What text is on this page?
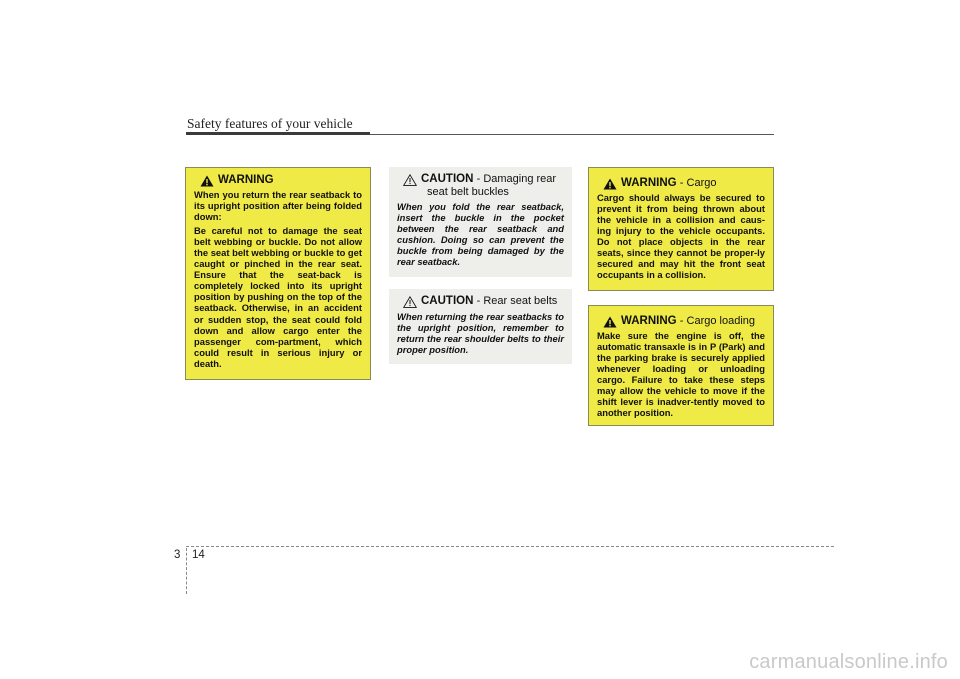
Safety features of your vehicle
WARNING

When you return the rear seatback to its upright position after being folded down:

Be careful not to damage the seat belt webbing or buckle. Do not allow the seat belt webbing or buckle to get caught or pinched in the rear seat. Ensure that the seat-back is completely locked into its upright position by pushing on the top of the seatback. Otherwise, in an accident or sudden stop, the seat could fold down and allow cargo enter the passenger com-partment, which could result in serious injury or death.

CAUTION - Damaging rear
seat belt buckles

When you fold the rear seatback, insert the buckle in the pocket between the rear seatback and cushion. Doing so can prevent the buckle from being damaged by the rear seatback.

CAUTION - Rear seat belts

When returning the rear seatbacks to the upright position, remember to return the rear shoulder belts to their proper position.

WARNING - Cargo

Cargo should always be secured to prevent it from being thrown about the vehicle in a collision and caus-ing injury to the vehicle occupants. Do not place objects in the rear seats, since they cannot be proper-ly secured and may hit the front seat occupants in a collision.

WARNING - Cargo loading

Make sure the engine is off, the automatic transaxle is in P (Park) and the parking brake is securely applied whenever loading or unloading cargo. Failure to take these steps may allow the vehicle to move if the shift lever is inadver-tently moved to another position.

3 14
carmanualsonline.info
